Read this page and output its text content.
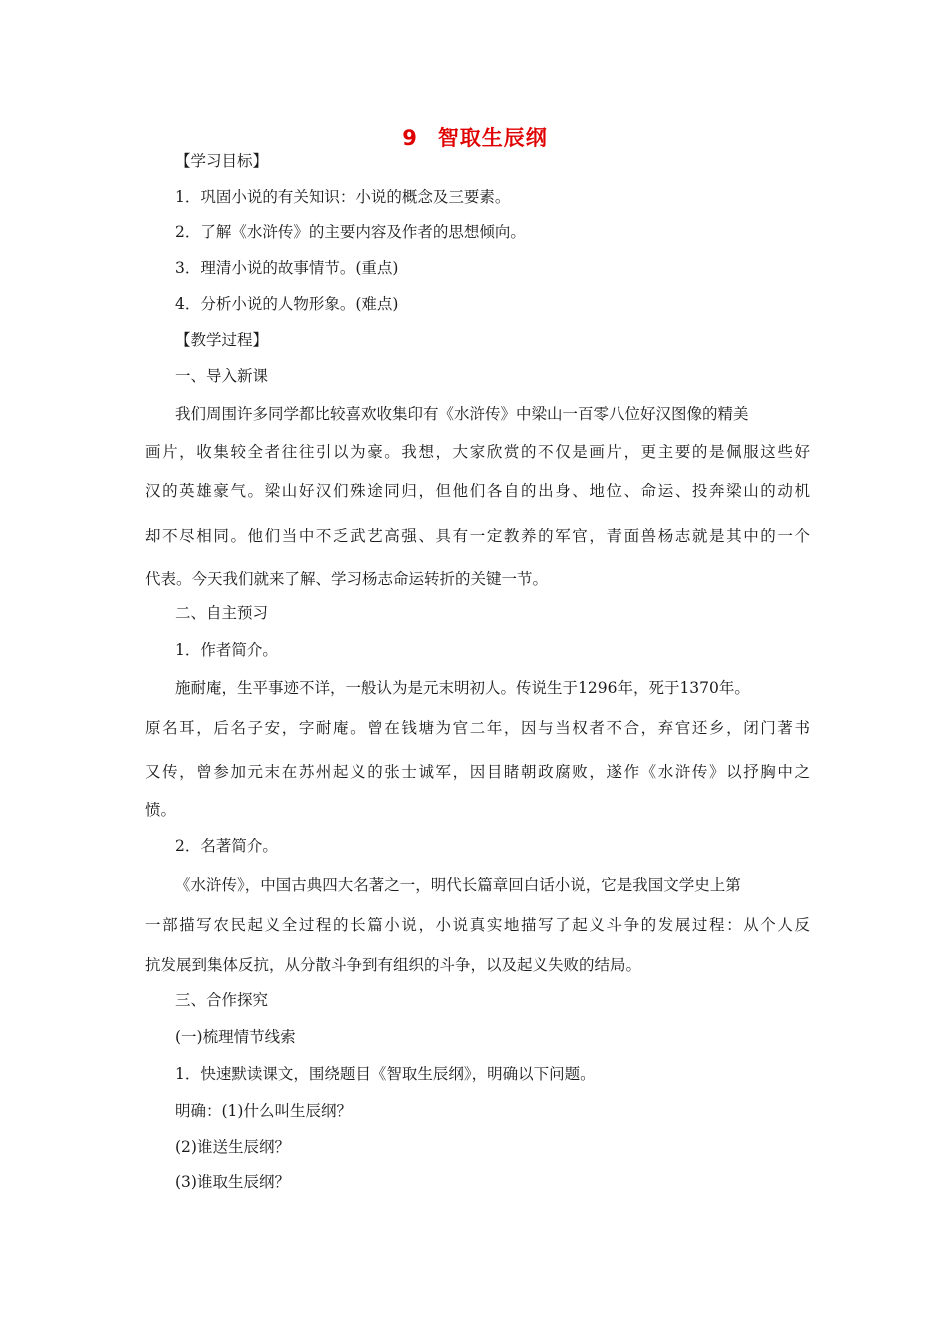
9 智取生辰纲
【学习目标】
1．巩固小说的有关知识：小说的概念及三要素。
2．了解《水浒传》的主要内容及作者的思想倾向。
3．理清小说的故事情节。(重点)
4．分析小说的人物形象。(难点)
【教学过程】
一、导入新课
我们周围许多同学都比较喜欢收集印有《水浒传》中梁山一百零八位好汉图像的精美
画片，收集较全者往往引以为豪。我想，大家欣赏的不仅是画片，更主要的是佩服这些好
汉的英雄豪气。梁山好汉们殊途同归，但他们各自的出身、地位、命运、投奔梁山的动机
却不尽相同。他们当中不乏武艺高强、具有一定教养的军官，青面兽杨志就是其中的一个
代表。今天我们就来了解、学习杨志命运转折的关键一节。
二、自主预习
1．作者简介。
施耐庵，生平事迹不详，一般认为是元末明初人。传说生于1296年，死于1370年。
原名耳，后名子安，字耐庵。曾在钱塘为官二年，因与当权者不合，弃官还乡，闭门著书
又传，曾参加元末在苏州起义的张士诚军，因目睹朝政腐败，遂作《水浒传》以抒胸中之
愤。
2．名著简介。
《水浒传》，中国古典四大名著之一，明代长篇章回白话小说，它是我国文学史上第
一部描写农民起义全过程的长篇小说，小说真实地描写了起义斗争的发展过程：从个人反
抗发展到集体反抗，从分散斗争到有组织的斗争，以及起义失败的结局。
三、合作探究
(一)梳理情节线索
1．快速默读课文，围绕题目《智取生辰纲》，明确以下问题。
明确：(1)什么叫生辰纲？
(2)谁送生辰纲？
(3)谁取生辰纲？
